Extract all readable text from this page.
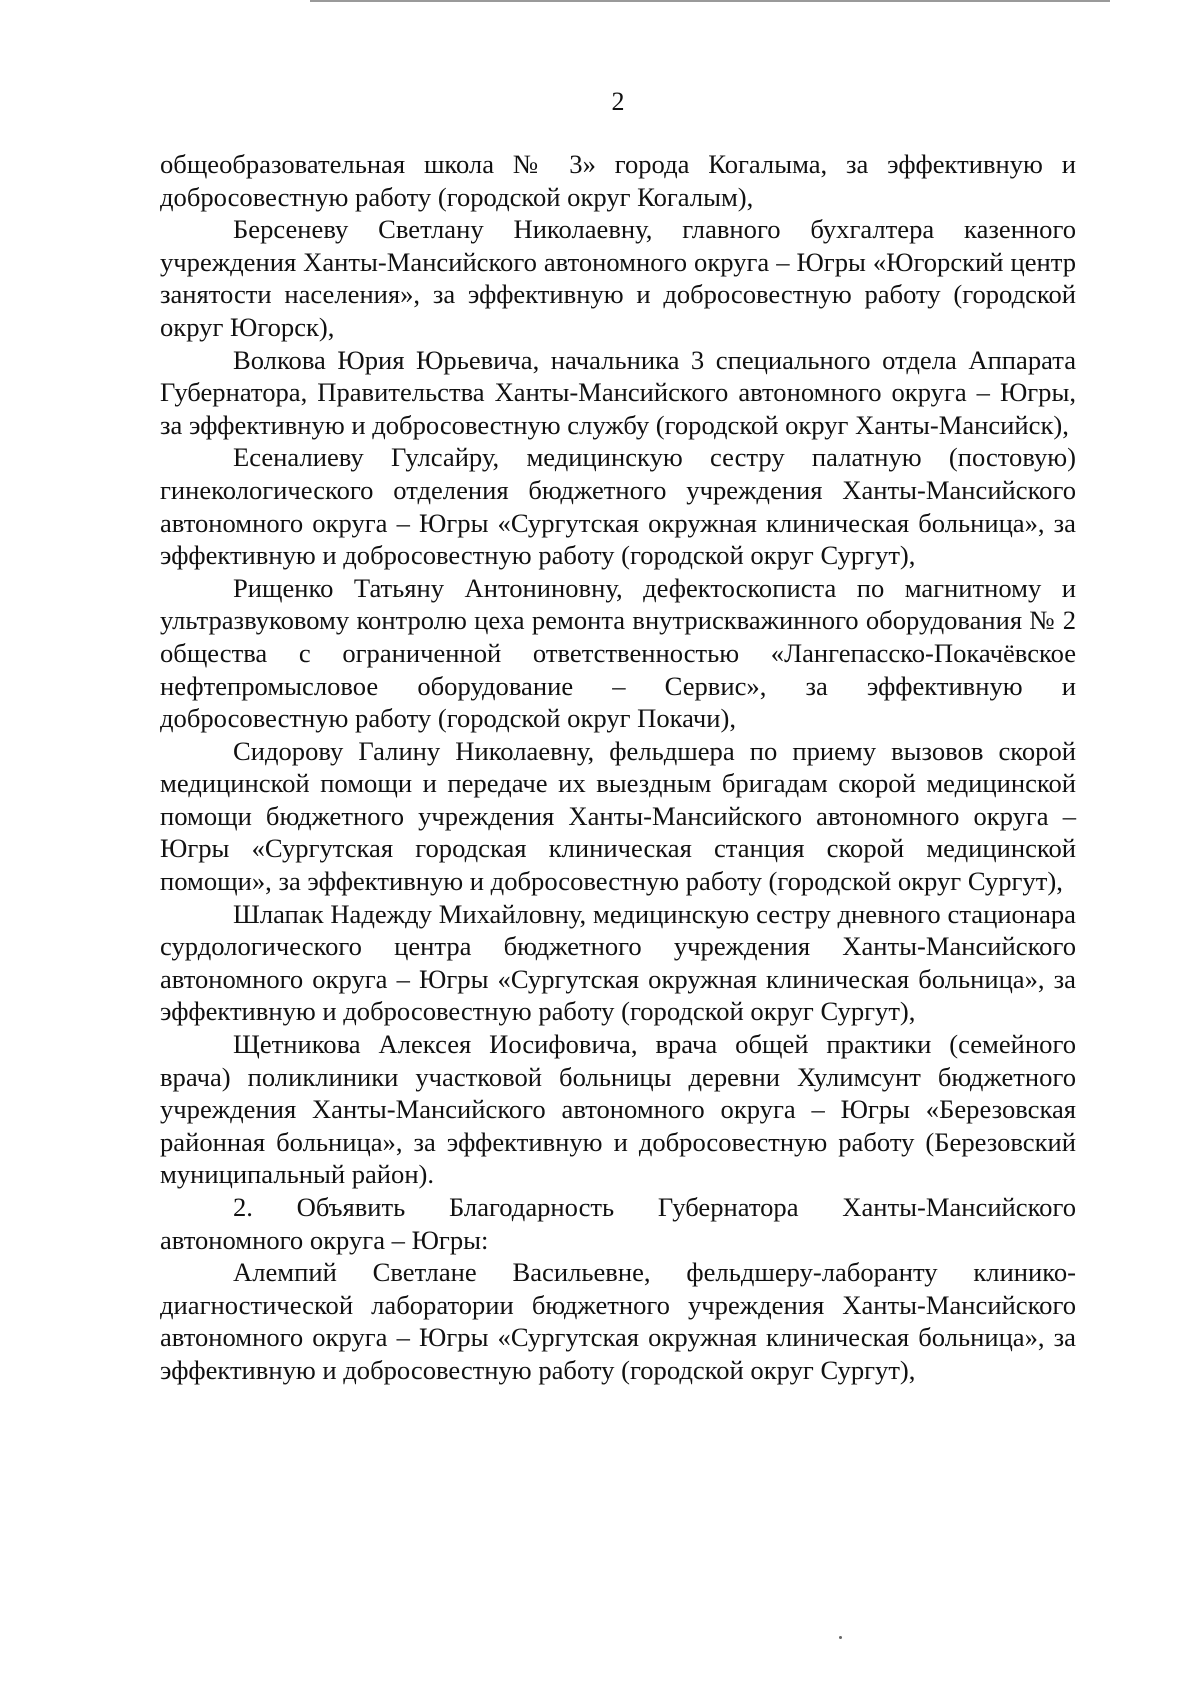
2

общеобразовательная школа № 3» города Когалыма, за эффективную и добросовестную работу (городской округ Когалым),

Берсеневу Светлану Николаевну, главного бухгалтера казенного учреждения Ханты-Мансийского автономного округа – Югры «Югорский центр занятости населения», за эффективную и добросовестную работу (городской округ Югорск),

Волкова Юрия Юрьевича, начальника 3 специального отдела Аппарата Губернатора, Правительства Ханты-Мансийского автономного округа – Югры, за эффективную и добросовестную службу (городской округ Ханты-Мансийск),

Есеналиеву Гулсайру, медицинскую сестру палатную (постовую) гинекологического отделения бюджетного учреждения Ханты-Мансийского автономного округа – Югры «Сургутская окружная клиническая больница», за эффективную и добросовестную работу (городской округ Сургут),

Рищенко Татьяну Антониновну, дефектоскописта по магнитному и ультразвуковому контролю цеха ремонта внутрискважинного оборудования № 2 общества с ограниченной ответственностью «Лангепасско-Покачёвское нефтепромысловое оборудование – Сервис», за эффективную и добросовестную работу (городской округ Покачи),

Сидорову Галину Николаевну, фельдшера по приему вызовов скорой медицинской помощи и передаче их выездным бригадам скорой медицинской помощи бюджетного учреждения Ханты-Мансийского автономного округа – Югры «Сургутская городская клиническая станция скорой медицинской помощи», за эффективную и добросовестную работу (городской округ Сургут),

Шлапак Надежду Михайловну, медицинскую сестру дневного стационара сурдологического центра бюджетного учреждения Ханты-Мансийского автономного округа – Югры «Сургутская окружная клиническая больница», за эффективную и добросовестную работу (городской округ Сургут),

Щетникова Алексея Иосифовича, врача общей практики (семейного врача) поликлиники участковой больницы деревни Хулимсунт бюджетного учреждения Ханты-Мансийского автономного округа – Югры «Березовская районная больница», за эффективную и добросовестную работу (Березовский муниципальный район).

2. Объявить Благодарность Губернатора Ханты-Мансийского автономного округа – Югры:

Алемпий Светлане Васильевне, фельдшеру-лаборанту клинико-диагностической лаборатории бюджетного учреждения Ханты-Мансийского автономного округа – Югры «Сургутская окружная клиническая больница», за эффективную и добросовестную работу (городской округ Сургут),
